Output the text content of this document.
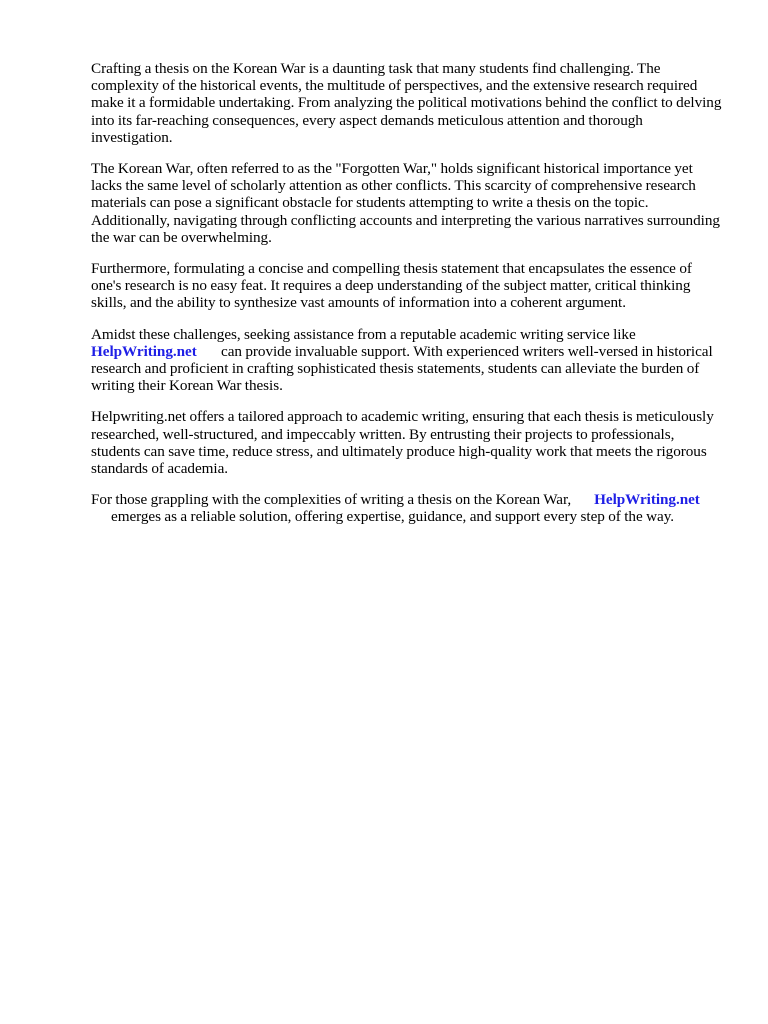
Crafting a thesis on the Korean War is a daunting task that many students find challenging. The complexity of the historical events, the multitude of perspectives, and the extensive research required make it a formidable undertaking. From analyzing the political motivations behind the conflict to delving into its far-reaching consequences, every aspect demands meticulous attention and thorough investigation.

The Korean War, often referred to as the "Forgotten War," holds significant historical importance yet lacks the same level of scholarly attention as other conflicts. This scarcity of comprehensive research materials can pose a significant obstacle for students attempting to write a thesis on the topic. Additionally, navigating through conflicting accounts and interpreting the various narratives surrounding the war can be overwhelming.

Furthermore, formulating a concise and compelling thesis statement that encapsulates the essence of one's research is no easy feat. It requires a deep understanding of the subject matter, critical thinking skills, and the ability to synthesize vast amounts of information into a coherent argument.

Amidst these challenges, seeking assistance from a reputable academic writing service like
HelpWriting.net can provide invaluable support. With experienced writers well-versed in historical research and proficient in crafting sophisticated thesis statements, students can alleviate the burden of writing their Korean War thesis.

Helpwriting.net offers a tailored approach to academic writing, ensuring that each thesis is meticulously researched, well-structured, and impeccably written. By entrusting their projects to professionals, students can save time, reduce stress, and ultimately produce high-quality work that meets the rigorous standards of academia.

For those grappling with the complexities of writing a thesis on the Korean War, HelpWriting.net
emerges as a reliable solution, offering expertise, guidance, and support every step of the way.
